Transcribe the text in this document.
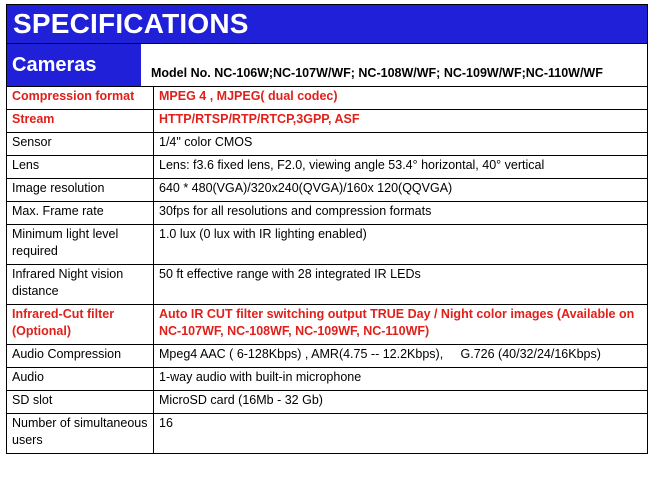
SPECIFICATIONS
Cameras	Model No. NC-106W;NC-107W/WF; NC-108W/WF; NC-109W/WF;NC-110W/WF
Compression format	MPEG 4 , MJPEG( dual codec)
Stream	HTTP/RTSP/RTP/RTCP,3GPP, ASF
Sensor	1/4" color CMOS
Lens	Lens: f3.6 fixed lens, F2.0, viewing angle 53.4° horizontal, 40° vertical
Image resolution	640 * 480(VGA)/320x240(QVGA)/160x 120(QQVGA)
Max. Frame rate	30fps for all resolutions and compression formats
Minimum light level required	1.0 lux (0 lux with IR lighting enabled)
Infrared Night vision distance	50 ft effective range with 28 integrated IR LEDs
Infrared-Cut filter (Optional)	Auto IR CUT filter switching output TRUE Day / Night color images (Available on NC-107WF, NC-108WF, NC-109WF, NC-110WF)
Audio Compression	Mpeg4 AAC ( 6-128Kbps) , AMR(4.75 -- 12.2Kbps),     G.726 (40/32/24/16Kbps)
Audio	1-way audio with built-in microphone
SD slot	MicroSD card (16Mb - 32 Gb)
Number of simultaneous users	16
